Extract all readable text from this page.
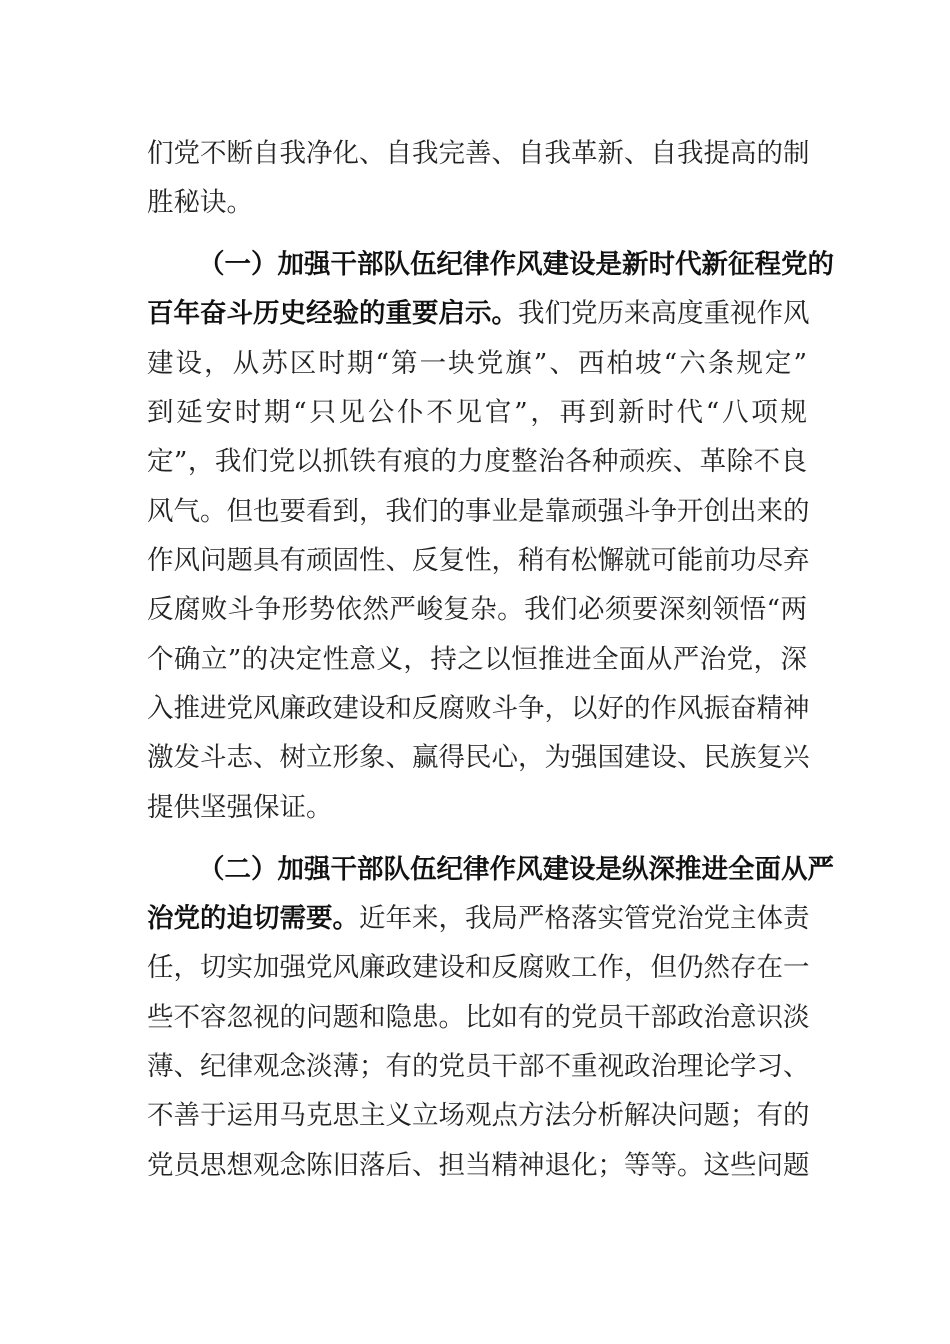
们党不断自我净化、自我完善、自我革新、自我提高的制
胜秘诀。
（一）加强干部队伍纪律作风建设是新时代新征程党的
百年奋斗历史经验的重要启示。我们党历来高度重视作风
建设，从苏区时期“第一块党旗”、西柏坡“六条规定”
到延安时期“只见公仆不见官”，再到新时代“八项规
定”，我们党以抓铁有痕的力度整治各种顽疾、革除不良
风气。但也要看到，我们的事业是靠顽强斗争开创出来的
作风问题具有顽固性、反复性，稍有松懈就可能前功尽弃
反腐败斗争形势依然严峻复杂。我们必须要深刻领悟“两
个确立”的决定性意义，持之以恒推进全面从严治党，深
入推进党风廉政建设和反腐败斗争，以好的作风振奋精神
激发斗志、树立形象、赢得民心，为强国建设、民族复兴
提供坚强保证。
（二）加强干部队伍纪律作风建设是纵深推进全面从严
治党的迫切需要。近年来，我局严格落实管党治党主体责
任，切实加强党风廉政建设和反腐败工作，但仍然存在一
些不容忽视的问题和隐患。比如有的党员干部政治意识淡
薄、纪律观念淡薄；有的党员干部不重视政治理论学习、
不善于运用马克思主义立场观点方法分析解决问题；有的
党员思想观念陈旧落后、担当精神退化；等等。这些问题
